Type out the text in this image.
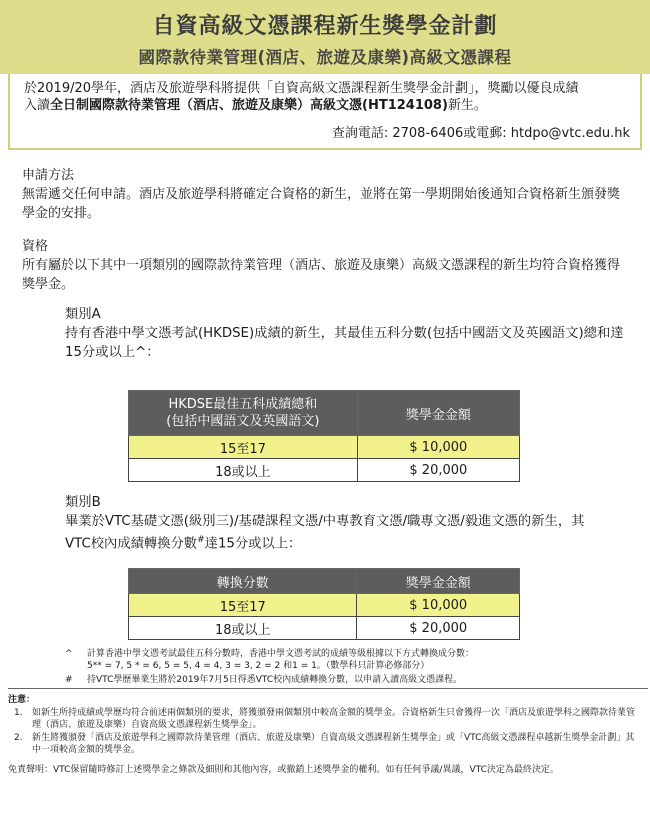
自資高級文憑課程新生獎學金計劃
國際款待業管理(酒店、旅遊及康樂)高級文憑課程
於2019/20學年，酒店及旅遊學科將提供「自資高級文憑課程新生獎學金計劃」，獎勵以優良成績
入讀全日制國際款待業管理（酒店、旅遊及康樂）高級文憑(HT124108)新生。
查詢電話: 2708-6406或電郵: htdpo@vtc.edu.hk
申請方法
無需遞交任何申請。酒店及旅遊學科將確定合資格的新生，並將在第一學期開始後通知合資格新生頒發獎學金的安排。
資格
所有屬於以下其中一項類別的國際款待業管理（酒店、旅遊及康樂）高級文憑課程的新生均符合資格獲得獎學金。
類別A
持有香港中學文憑考試(HKDSE)成績的新生，其最佳五科分數(包括中國語文及英國語文)總和達15分或以上^：
HKDSE最佳五科成績總和
(包括中國語文及英國語文)	獎學金金額
15至17	$ 10,000
18或以上	$ 20,000
類別B
畢業於VTC基礎文憑(級別三)/基礎課程文憑/中專教育文憑/職專文憑/毅進文憑的新生，其
VTC校內成績轉換分數#達15分或以上：
轉換分數	獎學金金額
15至17	$ 10,000
18或以上	$ 20,000
^	計算香港中學文憑考試最佳五科分數時，香港中學文憑考試的成績等級根據以下方式轉換成分數：
5** = 7, 5 * = 6, 5 = 5, 4 = 4, 3 = 3, 2 = 2 和1 = 1。（數學科只計算必修部分）
#	持VTC學歷畢業生將於2019年7月5日得悉VTC校內成績轉換分數，以申請入讀高級文憑課程。
注意：
1.	如新生所持成績或學歷均符合前述兩個類別的要求，將獲頒發兩個類別中較高金額的獎學金。合資格新生只會獲得一次「酒店及旅遊學科之國際款待業管理（酒店、旅遊及康樂）自資高級文憑課程新生獎學金」。
2.	新生將獲頒發「酒店及旅遊學科之國際款待業管理（酒店、旅遊及康樂）自資高級文憑課程新生獎學金」或「VTC高級文憑課程卓越新生獎學金計劃」其中一項較高金額的獎學金。
免責聲明：VTC保留隨時修訂上述獎學金之條款及細則和其他內容，或撤銷上述獎學金的權利。如有任何爭議/異議，VTC決定為最終決定。
